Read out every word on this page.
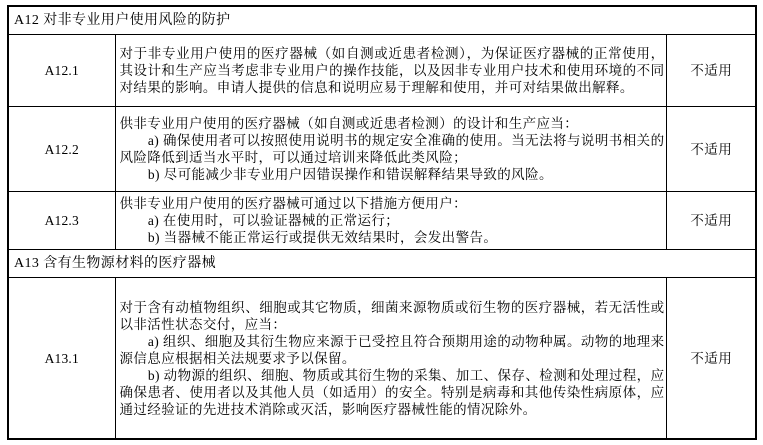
A12 对非专业用户使用风险的防护		
A12.1	对于非专业用户使用的医疗器械（如自测或近患者检测），为保证医疗器械的正常使用，其设计和生产应当考虑非专业用户的操作技能，以及因非专业用户技术和使用环境的不同对结果的影响。申请人提供的信息和说明应易于理解和使用，并可对结果做出解释。	不适用
A12.2	供非专业用户使用的医疗器械（如自测或近患者检测）的设计和生产应当：

a) 确保使用者可以按照使用说明书的规定安全准确的使用。当无法将与说明书相关的风险降低到适当水平时，可以通过培训来降低此类风险；

b) 尽可能减少非专业用户因错误操作和错误解释结果导致的风险。	不适用
A12.3	供非专业用户使用的医疗器械可通过以下措施方便用户：

a) 在使用时，可以验证器械的正常运行；

b) 当器械不能正常运行或提供无效结果时，会发出警告。	不适用
A13 含有生物源材料的医疗器械		
A13.1	对于含有动植物组织、细胞或其它物质，细菌来源物质或衍生物的医疗器械，若无活性或以非活性状态交付，应当：

a) 组织、细胞及其衍生物应来源于已受控且符合预期用途的动物种属。动物的地理来源信息应根据相关法规要求予以保留。

b) 动物源的组织、细胞、物质或其衍生物的采集、加工、保存、检测和处理过程，应确保患者、使用者以及其他人员（如适用）的安全。特别是病毒和其他传染性病原体，应通过经验证的先进技术消除或灭活，影响医疗器械性能的情况除外。	不适用
